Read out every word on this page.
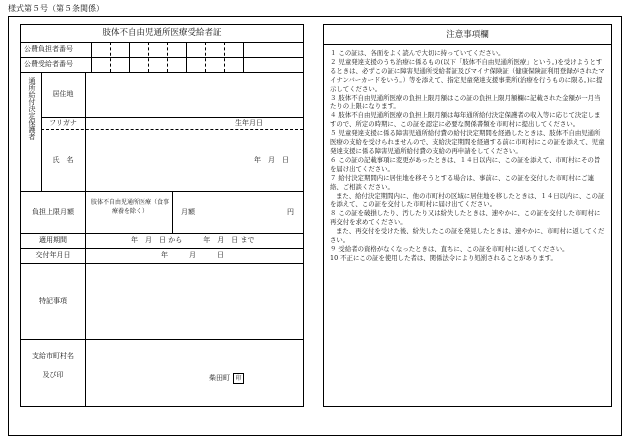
様式第５号（第５条関係）
肢体不自由児通所医療受給者証
公費負担者番号
公費受給者番号
通所給付決定保護者	居住地
フリガナ	生年月日
氏　名	年　月　日
負担上限月額
肢体不自由児通所医療（食事療養を除く）	月額	円
適用期間	年　月　日 から　　　年　月　日 まで
交付年月日	年　　　月　　　日
特記事項
支給市町村名
及び印	柴田町 印
注意事項欄

１ この証は、各面をよく読んで大切に持っていてください。

２ 児童発達支援のうち治療に係るもの(以下「肢体不自由児通所医療」という。)を受けようとするときは、必ずこの証に障害児通所受給者証及びマイナ保険証（健康保険証利用登録がされたマイナンバーカードをいう。）等を添えて、指定児童発達支援事業所(治療を行うものに限る。)に提示してください。

３ 肢体不自由児通所医療の負担上限月額はこの証の負担上限月額欄に記載された金額が一月当たりの上限になります。

４ 肢体不自由児通所医療の負担上限月額は毎年通所給付決定保護者の収入等に応じて決定しますので、所定の時期に、この証を認定に必要な関係書類を市町村に提出してください。

５ 児童発達支援に係る障害児通所給付費の給付決定期間を経過したときは、肢体不自由児通所医療の支給を受けられませんので、支給決定期間を経過する前に市町村にこの証を添えて、児童発達支援に係る障害児通所給付費の支給の再申請をしてください。

６ この証の記載事項に変更があったときは、１４日以内に、この証を添えて、市町村にその旨を届け出てください。

７ 給付決定期間内に居住地を移そうとする場合は、事前に、この証を交付した市町村にご連絡、ご相談ください。

また、給付決定期間内に、他の市町村の区域に居住地を移したときは、１４日以内に、この証を添えて、この証を交付した市町村に届け出てください。

８ この証を破損したり、汚したり又は紛失したときは、速やかに、この証を交付した市町村に再交付を求めてください。

また、再交付を受けた後、紛失したこの証を発見したときは、速やかに、市町村に返してください。

９ 受給者の資格がなくなったときは、直ちに、この証を市町村に返してください。

10 不正にこの証を使用した者は、関係法令により処罰されることがあります。
